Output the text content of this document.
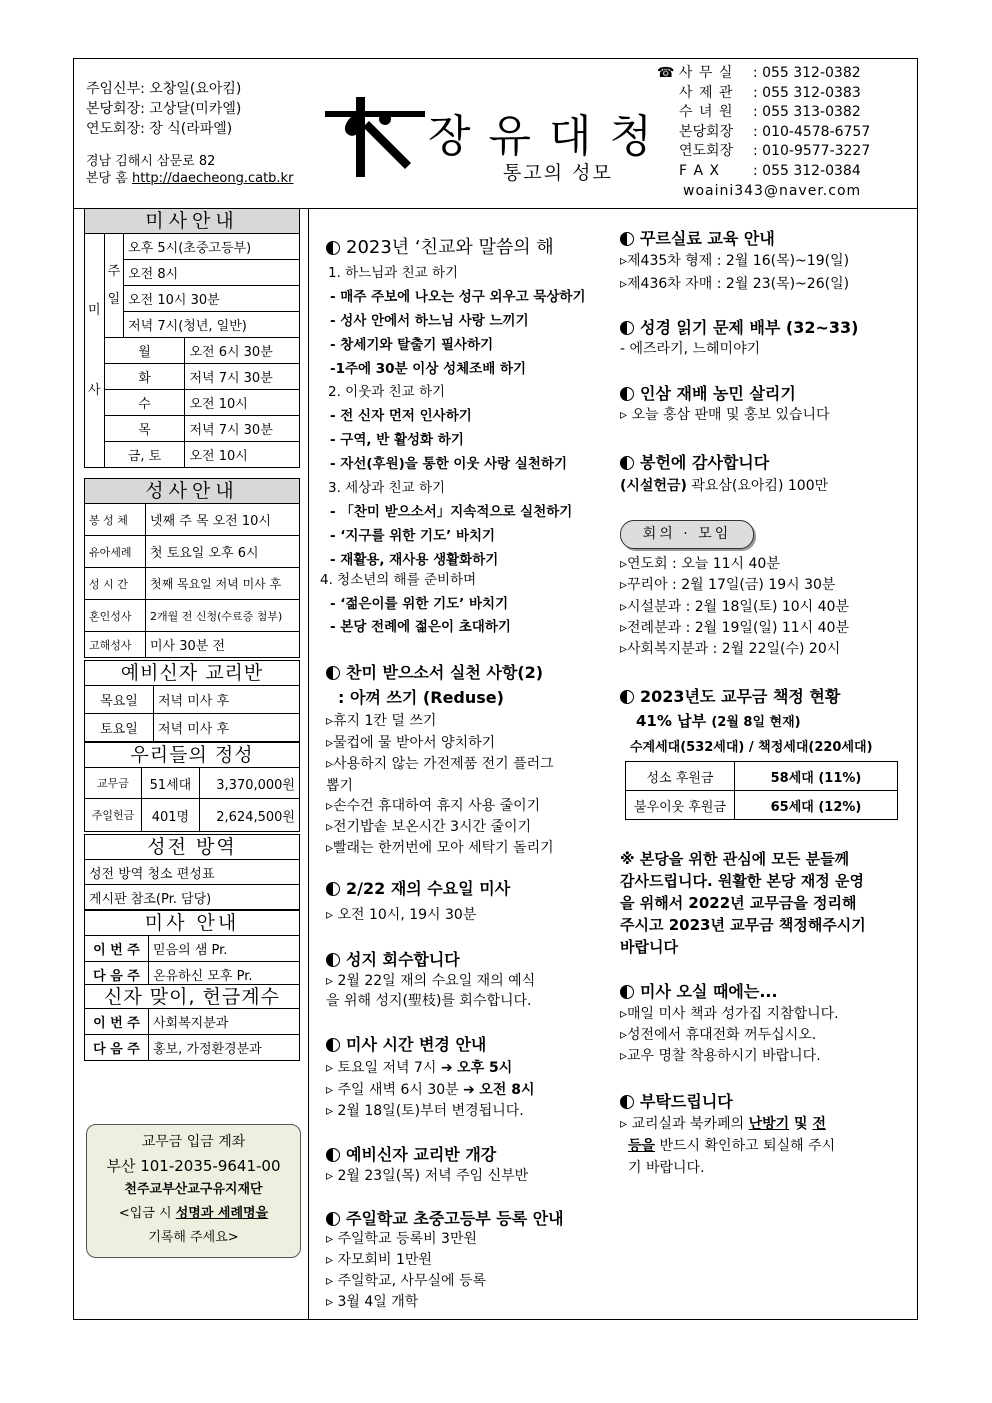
주임신부: 오창일(요아킴)
본당회장: 고상달(미카엘)
연도회장: 장 식(라파엘)
경남 김해시 삼문로 82
본당 홈 http://daecheong.catb.kr
장유대청
통고의 성모
☎ 사 무 실 : 055 312-0382
사 제 관 : 055 312-0383
수 녀 원 : 055 313-0382
본당회장 : 010-4578-6757
연도회장 : 010-9577-3227
F A X : 055 312-0384
woaini343@naver.com
미사안내
미 사	주 일	오후 5시(초중고등부)	
		오전 8시	
		오전 10시 30분	
		저녁 7시(청년, 일반)	
	월		오전 6시 30분
	화		저녁 7시 30분
	수		오전 10시
	목		저녁 7시 30분
	금, 토		오전 10시
성사안내
봉 성 체	넷째 주 목 오전 10시
유아세례	첫 토요일 오후 6시
성 시 간	첫째 목요일 저녁 미사 후
혼인성사	2개월 전 신청(수료증 첨부)
고해성사	미사 30분 전
예비신자 교리반
목요일	저녁 미사 후
토요일	저녁 미사 후
우리들의 정성
교무금	51세대	3,370,000원
주일헌금	401명	2,624,500원
성전 방역
성전 방역 청소 편성표
게시판 참조(Pr. 담당)
미사 안내
이 번 주	믿음의 샘 Pr.
다 음 주	온유하신 모후 Pr.
신자 맞이, 헌금계수
이 번 주	사회복지분과
다 음 주	홍보, 가정환경분과
교무금 입금 계좌
부산 101-2035-9641-00
천주교부산교구유지재단
<입금 시 성명과 세례명을
기록해 주세요>
2023년 ‘친교와 말씀의 해
1. 하느님과 친교 하기
- 매주 주보에 나오는 성구 외우고 묵상하기
- 성사 안에서 하느님 사랑 느끼기
- 창세기와 탈출기 필사하기
-1주에 30분 이상 성체조배 하기
2. 이웃과 친교 하기
- 전 신자 먼저 인사하기
- 구역, 반 활성화 하기
- 자선(후원)을 통한 이웃 사랑 실천하기
3. 세상과 친교 하기
- 「찬미 받으소서」지속적으로 실천하기
- ‘지구를 위한 기도’ 바치기
- 재활용, 재사용 생활화하기
4. 청소년의 해를 준비하며
- ‘젊은이를 위한 기도’ 바치기
- 본당 전례에 젊은이 초대하기
찬미 받으소서 실천 사항(2)
: 아껴 쓰기 (Reduse)
▹휴지 1칸 덜 쓰기
▹물컵에 물 받아서 양치하기
▹사용하지 않는 가전제품 전기 플러그
뽑기
▹손수건 휴대하여 휴지 사용 줄이기
▹전기밥솥 보온시간 3시간 줄이기
▹빨래는 한꺼번에 모아 세탁기 돌리기
2/22 재의 수요일 미사
▹ 오전 10시, 19시 30분
성지 회수합니다
▹ 2월 22일 재의 수요일 재의 예식
을 위해 성지(聖枝)를 회수합니다.
미사 시간 변경 안내
▹ 토요일 저녁 7시 ➔ 오후 5시
▹ 주일 새벽 6시 30분 ➔ 오전 8시
▹ 2월 18일(토)부터 변경됩니다.
예비신자 교리반 개강
▹ 2월 23일(목) 저녁 주임 신부반
주일학교 초중고등부 등록 안내
▹ 주일학교 등록비 3만원
▹ 자모회비 1만원
▹ 주일학교, 사무실에 등록
▹ 3월 4일 개학
꾸르실료 교육 안내
▹제435차 형제 : 2월 16(목)~19(일)
▹제436차 자매 : 2월 23(목)~26(일)
성경 읽기 문제 배부 (32~33)
- 에즈라기, 느헤미야기
인삼 재배 농민 살리기
▹ 오늘 홍삼 판매 및 홍보 있습니다
봉헌에 감사합니다
(시설헌금) 곽요삼(요아킴) 100만
회의 · 모임
▹연도회 : 오늘 11시 40분
▹꾸리아 : 2월 17일(금) 19시 30분
▹시설분과 : 2월 18일(토) 10시 40분
▹전례분과 : 2월 19일(일) 11시 40분
▹사회복지분과 : 2월 22일(수) 20시
2023년도 교무금 책정 현황
41% 납부 (2월 8일 현재)
수계세대(532세대) / 책정세대(220세대)
성소 후원금	58세대 (11%)
불우이웃 후원금	65세대 (12%)
※ 본당을 위한 관심에 모든 분들께
감사드립니다. 원활한 본당 재정 운영
을 위해서 2022년 교무금을 정리해
주시고 2023년 교무금 책정해주시기
바랍니다
미사 오실 때에는...
▹매일 미사 책과 성가집 지참합니다.
▹성전에서 휴대전화 꺼두십시오.
▹교우 명찰 착용하시기 바랍니다.
부탁드립니다
▹ 교리실과 북카페의 난방기 및 전
등을 반드시 확인하고 퇴실해 주시
기 바랍니다.
